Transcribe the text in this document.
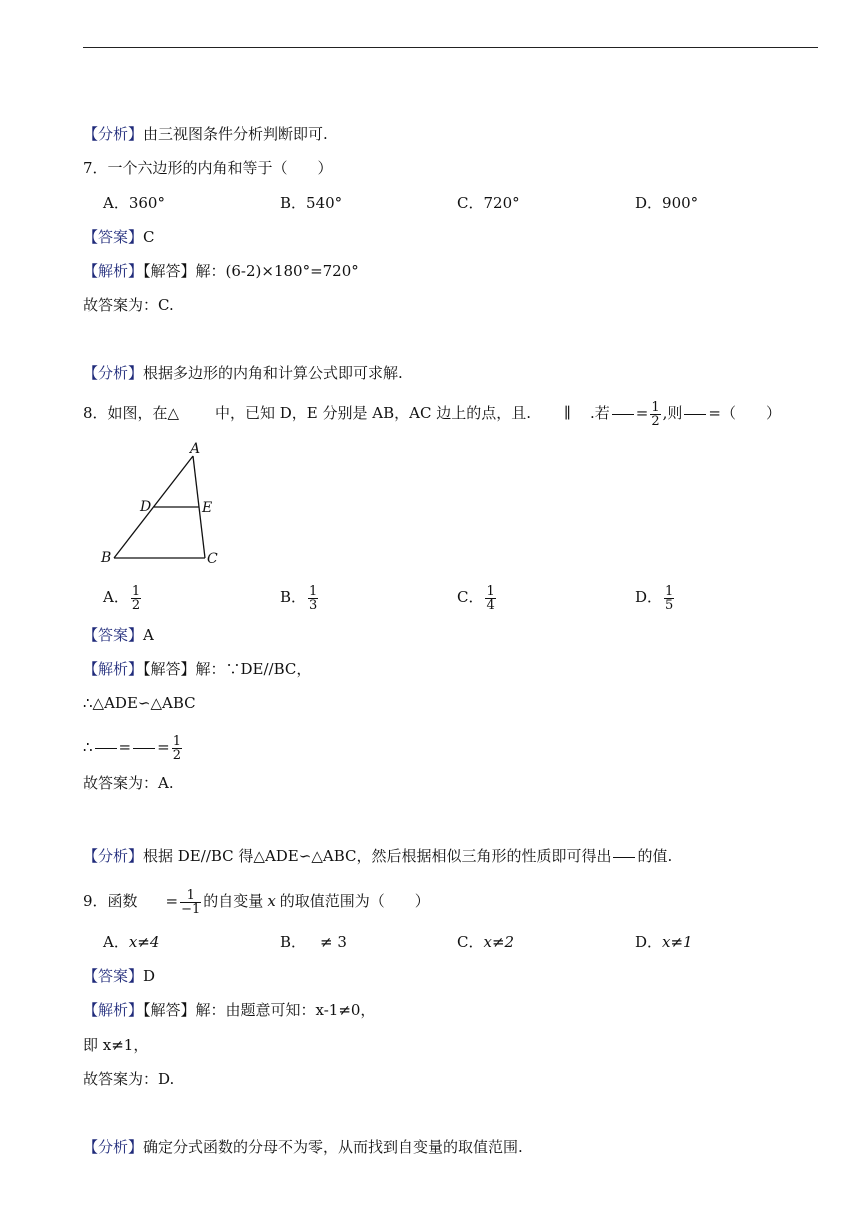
【分析】由三视图条件分析判断即可.
7．一个六边形的内角和等于（　　）
A．360°	B．540°	C．720°	D．900°
【答案】C
【解析】【解答】解：(6-2)×180°=720°
故答案为：C.
【分析】根据多边形的内角和计算公式即可求解.
8．如图，在△ 中，已知 D，E 分别是 AB，AC 边上的点，且. ∥ .若 = $\frac{1}{2}$ ,则 =（　　）
A
D	E
B	C
A． $\frac{1}{2}$	B． $\frac{1}{3}$	C． $\frac{1}{4}$	D． $\frac{1}{5}$
【答案】A
【解析】【解答】解：∵DE//BC，
∴△ADE∽△ABC
∴ = = $\frac{1}{2}$
故答案为：A.
【分析】根据 DE//BC 得△ADE∽△ABC，然后根据相似三角形的性质即可得出 的值.
9．函数 = $\frac{1}{-1}$ 的自变量 x 的取值范围为（　　）
A．x≠4	B． ≠ 3	C．x≠2	D．x≠1
【答案】D
【解析】【解答】解：由题意可知：x-1≠0，
即 x≠1，
故答案为：D.
【分析】确定分式函数的分母不为零，从而找到自变量的取值范围.
